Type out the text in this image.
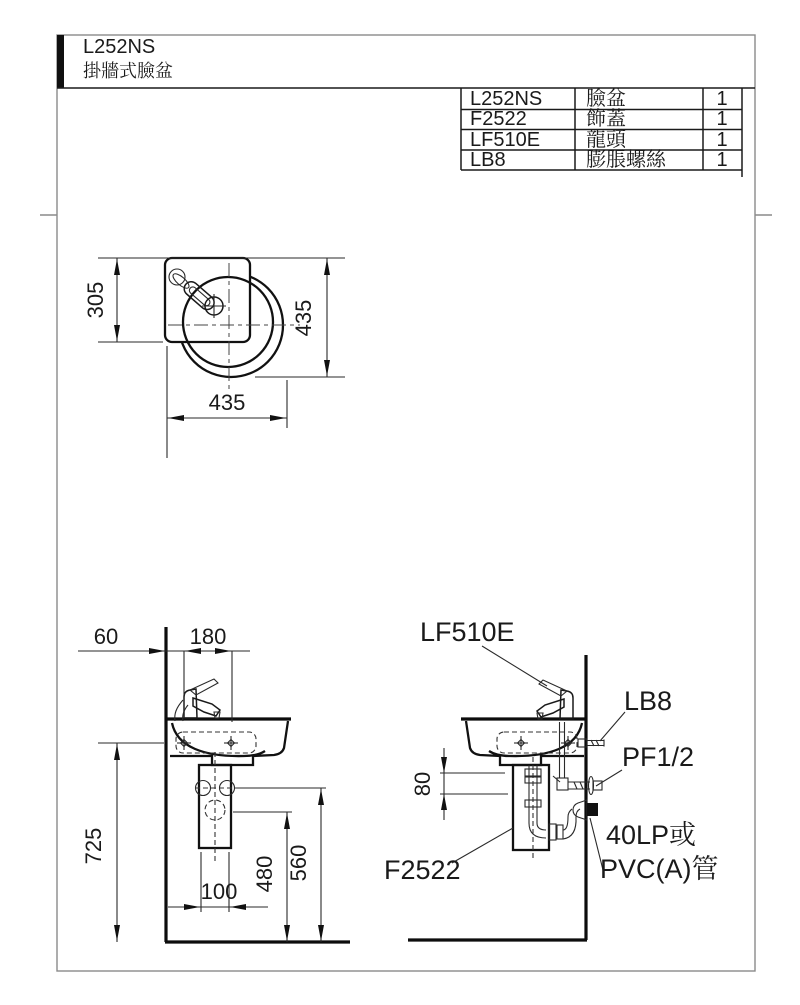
L252NS
掛牆式臉盆
L252NS 臉盆	1
F2522	飾蓋	1
LF510E 龍頭	1
LB8	膨脹螺絲	1
305	435
435
60	180
725
100 480 560
80
LF510E
LB8
PF1/2
40LP或
PVC(A)管
F2522
